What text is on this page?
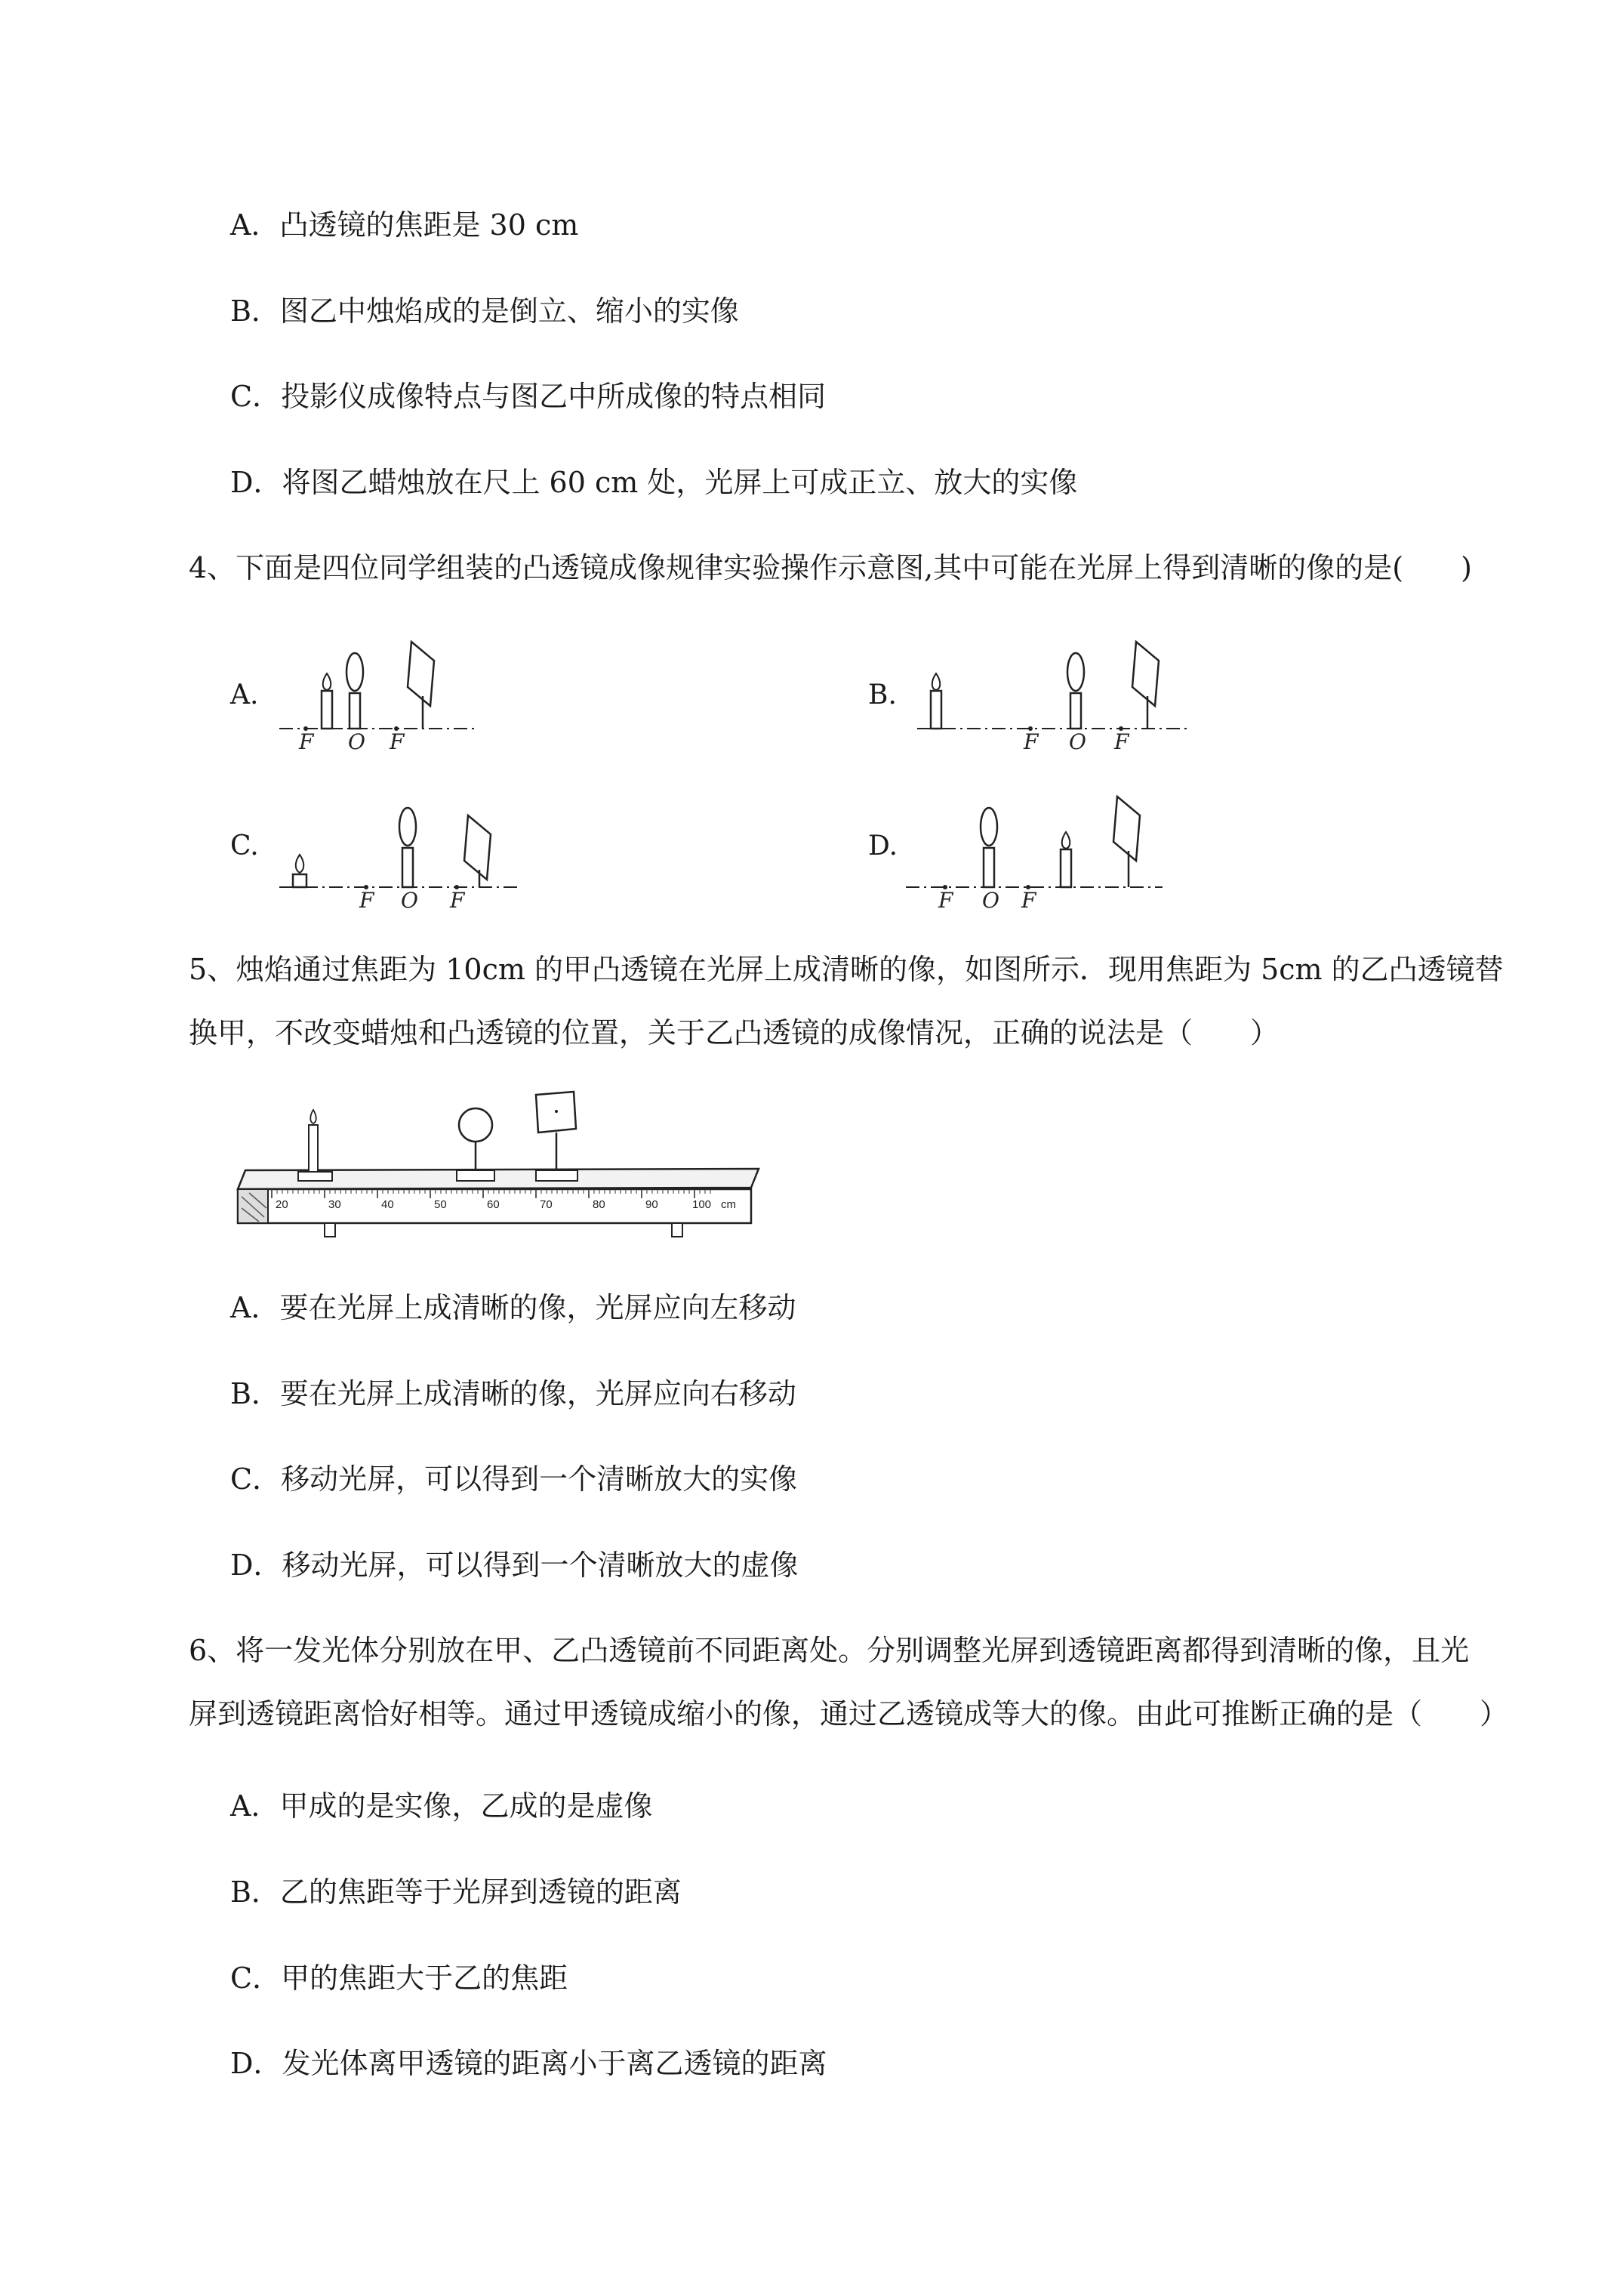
A．凸透镜的焦距是 30 cm
B．图乙中烛焰成的是倒立、缩小的实像
C．投影仪成像特点与图乙中所成像的特点相同
D．将图乙蜡烛放在尺上 60 cm 处，光屏上可成正立、放大的实像
4、下面是四位同学组装的凸透镜成像规律实验操作示意图,其中可能在光屏上得到清晰的像的是(　　)
A.
F O F
B.
F O F
C.
F O F
D.
F O F
5、烛焰通过焦距为 10cm 的甲凸透镜在光屏上成清晰的像，如图所示．现用焦距为 5cm 的乙凸透镜替
换甲，不改变蜡烛和凸透镜的位置，关于乙凸透镜的成像情况，正确的说法是（　　）
20	30	40	50	60	70	80	90	100 cm
A．要在光屏上成清晰的像，光屏应向左移动
B．要在光屏上成清晰的像，光屏应向右移动
C．移动光屏，可以得到一个清晰放大的实像
D．移动光屏，可以得到一个清晰放大的虚像
6、将一发光体分别放在甲、乙凸透镜前不同距离处。分别调整光屏到透镜距离都得到清晰的像，且光
屏到透镜距离恰好相等。通过甲透镜成缩小的像，通过乙透镜成等大的像。由此可推断正确的是（　　）
A．甲成的是实像，乙成的是虚像
B．乙的焦距等于光屏到透镜的距离
C．甲的焦距大于乙的焦距
D．发光体离甲透镜的距离小于离乙透镜的距离
